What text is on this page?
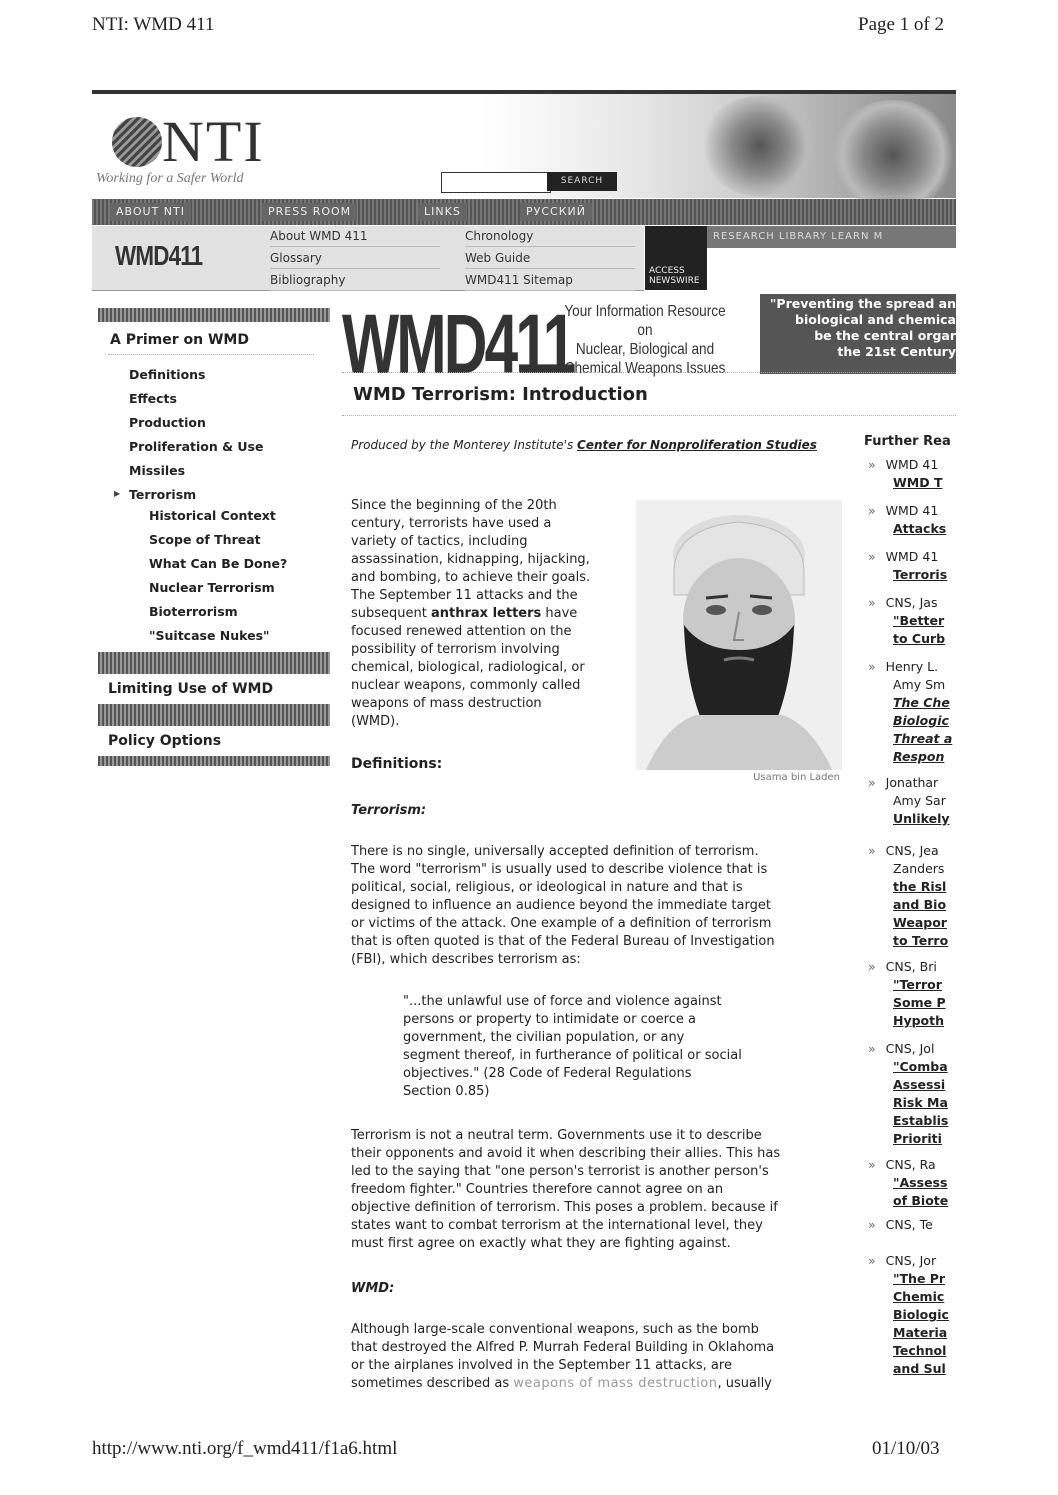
NTI: WMD 411	Page 1 of 2
NTI
Working for a Safer World	SEARCH
ABOUT NTI	PRESS ROOM	LINKS	РУССКИЙ
WMD411
About WMD 411	Chronology
Glossary	Web Guide
Bibliography	WMD411 Sitemap
ACCESS
NEWSWIRE
RESEARCH LIBRARY LEARN M
A Primer on WMD
Definitions
Effects
Production
Proliferation & Use
Missiles
▶ Terrorism
Historical Context
Scope of Threat
What Can Be Done?
Nuclear Terrorism
Bioterrorism
"Suitcase Nukes"
Limiting Use of WMD
Policy Options
WMD411
Your Information Resource on
Nuclear, Biological and
Chemical Weapons Issues
"Preventing the spread an
biological and chemica
be the central orgar
the 21st Century
WMD Terrorism: Introduction
Produced by the Monterey Institute's Center for Nonproliferation Studies
Since the beginning of the 20th
century, terrorists have used a
variety of tactics, including
assassination, kidnapping, hijacking,
and bombing, to achieve their goals.
The September 11 attacks and the
subsequent anthrax letters have
focused renewed attention on the
possibility of terrorism involving
chemical, biological, radiological, or
nuclear weapons, commonly called
weapons of mass destruction
(WMD).
Usama bin Laden
Definitions:
Terrorism:
There is no single, universally accepted definition of terrorism.
The word "terrorism" is usually used to describe violence that is
political, social, religious, or ideological in nature and that is
designed to influence an audience beyond the immediate target
or victims of the attack. One example of a definition of terrorism
that is often quoted is that of the Federal Bureau of Investigation
(FBI), which describes terrorism as:
"...the unlawful use of force and violence against
persons or property to intimidate or coerce a
government, the civilian population, or any
segment thereof, in furtherance of political or social
objectives." (28 Code of Federal Regulations
Section 0.85)
Terrorism is not a neutral term. Governments use it to describe
their opponents and avoid it when describing their allies. This has
led to the saying that "one person's terrorist is another person's
freedom fighter." Countries therefore cannot agree on an
objective definition of terrorism. This poses a problem. because if
states want to combat terrorism at the international level, they
must first agree on exactly what they are fighting against.
WMD:
Although large-scale conventional weapons, such as the bomb
that destroyed the Alfred P. Murrah Federal Building in Oklahoma
or the airplanes involved in the September 11 attacks, are
sometimes described as weapons of mass destruction, usually
Further Rea
» WMD 41
WMD T
» WMD 41
Attacks
» WMD 41
Terroris
» CNS, Jas
"Better
to Curb
» Henry L.
Amy Sm
The Che
Biologic
Threat a
Respon
» Jonathar
Amy Sar
Unlikely
» CNS, Jea
Zanders
the Risl
and Bio
Weapor
to Terro
» CNS, Bri
"Terror
Some P
Hypoth
» CNS, Jol
"Comba
Assessi
Risk Ma
Establis
Prioriti
» CNS, Ra
"Assess
of Biote
» CNS, Te
» CNS, Jor
"The Pr
Chemic
Biologic
Materia
Technol
and Sul
http://www.nti.org/f_wmd411/f1a6.html	01/10/03
